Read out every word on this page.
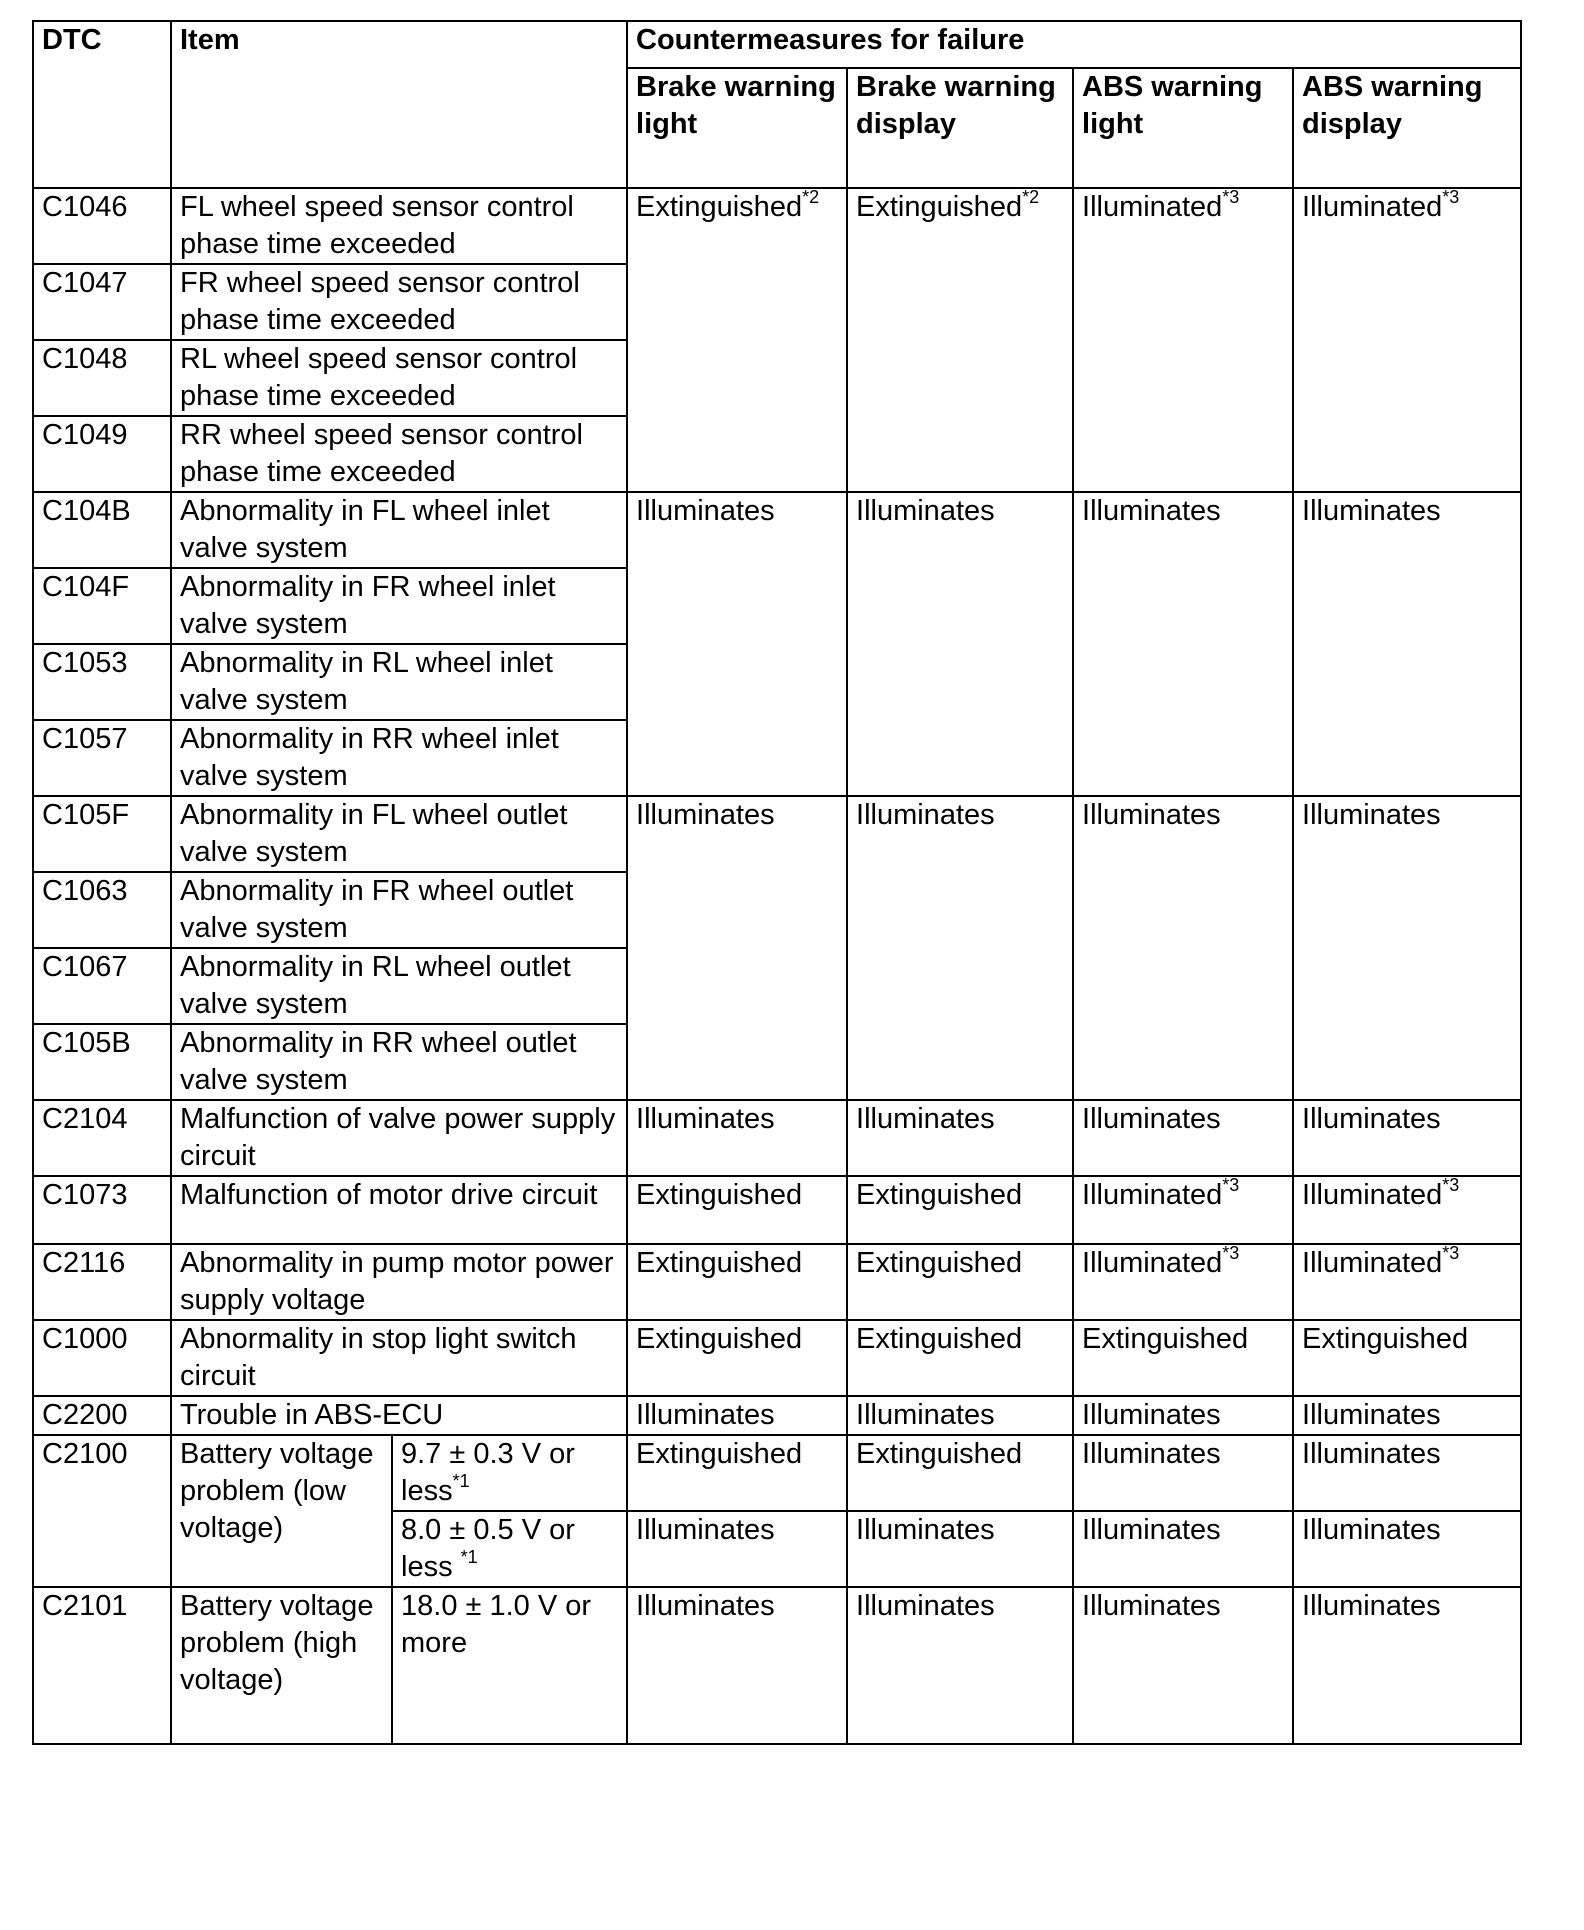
DTC	Item		Countermeasures for failure			
			Brake warning light	Brake warning display	ABS warning light	ABS warning display
C1046	FL wheel speed sensor control phase time exceeded		Extinguished$^{*2}$	Extinguished$^{*2}$	Illuminated$^{*3}$	Illuminated$^{*3}$
C1047	FR wheel speed sensor control phase time exceeded					
C1048	RL wheel speed sensor control phase time exceeded					
C1049	RR wheel speed sensor control phase time exceeded					
C104B	Abnormality in FL wheel inlet valve system		Illuminates	Illuminates	Illuminates	Illuminates
C104F	Abnormality in FR wheel inlet valve system					
C1053	Abnormality in RL wheel inlet valve system					
C1057	Abnormality in RR wheel inlet valve system					
C105F	Abnormality in FL wheel outlet valve system		Illuminates	Illuminates	Illuminates	Illuminates
C1063	Abnormality in FR wheel outlet valve system					
C1067	Abnormality in RL wheel outlet valve system					
C105B	Abnormality in RR wheel outlet valve system					
C2104	Malfunction of valve power supply circuit		Illuminates	Illuminates	Illuminates	Illuminates
C1073	Malfunction of motor drive circuit		Extinguished	Extinguished	Illuminated$^{*3}$	Illuminated$^{*3}$
C2116	Abnormality in pump motor power supply voltage		Extinguished	Extinguished	Illuminated$^{*3}$	Illuminated$^{*3}$
C1000	Abnormality in stop light switch circuit		Extinguished	Extinguished	Extinguished	Extinguished
C2200	Trouble in ABS-ECU		Illuminates	Illuminates	Illuminates	Illuminates
C2100	Battery voltage problem (low voltage)	9.7 ± 0.3 V or less$^{*1}$	Extinguished	Extinguished	Illuminates	Illuminates
		8.0 ± 0.5 V or less $^{*1}$	Illuminates	Illuminates	Illuminates	Illuminates
C2101	Battery voltage problem (high voltage)	18.0 ± 1.0 V or more	Illuminates	Illuminates	Illuminates	Illuminates
